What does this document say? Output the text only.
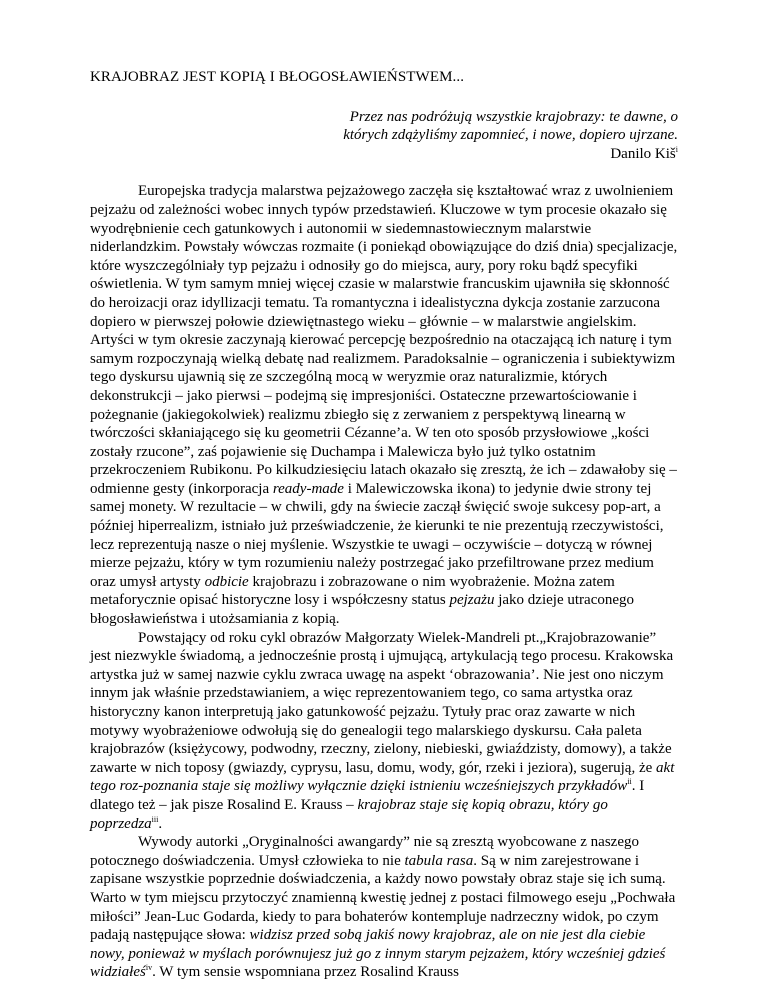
KRAJOBRAZ JEST KOPIĄ I BŁOGOSŁAWIEŃSTWEM...
Przez nas podróżują wszystkie krajobrazy: te dawne, o
których zdążyliśmy zapomnieć, i nowe, dopiero ujrzane.
Danilo Kiš$^i$

Europejska tradycja malarstwa pejzażowego zaczęła się kształtować wraz z uwolnieniem pejzażu od zależności wobec innych typów przedstawień. Kluczowe w tym procesie okazało się wyodrębnienie cech gatunkowych i autonomii w siedemnastowiecznym malarstwie niderlandzkim. Powstały wówczas rozmaite (i poniekąd obowiązujące do dziś dnia) specjalizacje, które wyszczególniały typ pejzażu i odnosiły go do miejsca, aury, pory roku bądź specyfiki oświetlenia. W tym samym mniej więcej czasie w malarstwie francuskim ujawniła się skłonność do heroizacji oraz idyllizacji tematu. Ta romantyczna i idealistyczna dykcja zostanie zarzucona dopiero w pierwszej połowie dziewiętnastego wieku – głównie – w malarstwie angielskim. Artyści w tym okresie zaczynają kierować percepcję bezpośrednio na otaczającą ich naturę i tym samym rozpoczynają wielką debatę nad realizmem. Paradoksalnie – ograniczenia i subiektywizm tego dyskursu ujawnią się ze szczególną mocą w weryzmie oraz naturalizmie, których dekonstrukcji – jako pierwsi – podejmą się impresjoniści. Ostateczne przewartościowanie i pożegnanie (jakiegokolwiek) realizmu zbiegło się z zerwaniem z perspektywą linearną w twórczości skłaniającego się ku geometrii Cézanne’a. W ten oto sposób przysłowiowe „kości zostały rzucone”, zaś pojawienie się Duchampa i Malewicza było już tylko ostatnim przekroczeniem Rubikonu. Po kilkudziesięciu latach okazało się zresztą, że ich – zdawałoby się – odmienne gesty (inkorporacja ready-made i Malewiczowska ikona) to jedynie dwie strony tej samej monety. W rezultacie – w chwili, gdy na świecie zaczął święcić swoje sukcesy pop-art, a później hiperrealizm, istniało już przeświadczenie, że kierunki te nie prezentują rzeczywistości, lecz reprezentują nasze o niej myślenie. Wszystkie te uwagi – oczywiście – dotyczą w równej mierze pejzażu, który w tym rozumieniu należy postrzegać jako przefiltrowane przez medium oraz umysł artysty odbicie krajobrazu i zobrazowane o nim wyobrażenie. Można zatem metaforycznie opisać historyczne losy i współczesny status pejzażu jako dzieje utraconego błogosławieństwa i utożsamiania z kopią.

Powstający od roku cykl obrazów Małgorzaty Wielek-Mandreli pt.„Krajobrazowanie” jest niezwykle świadomą, a jednocześnie prostą i ujmującą, artykulacją tego procesu. Krakowska artystka już w samej nazwie cyklu zwraca uwagę na aspekt ‘obrazowania’. Nie jest ono niczym innym jak właśnie przedstawianiem, a więc reprezentowaniem tego, co sama artystka oraz historyczny kanon interpretują jako gatunkowość pejzażu. Tytuły prac oraz zawarte w nich motywy wyobrażeniowe odwołują się do genealogii tego malarskiego dyskursu. Cała paleta krajobrazów (księżycowy, podwodny, rzeczny, zielony, niebieski, gwiaździsty, domowy), a także zawarte w nich toposy (gwiazdy, cyprysu, lasu, domu, wody, gór, rzeki i jeziora), sugerują, że akt tego roz-poznania staje się możliwy wyłącznie dzięki istnieniu wcześniejszych przykładów$^{ii}$. I dlatego też – jak pisze Rosalind E. Krauss – krajobraz staje się kopią obrazu, który go poprzedza$^{iii}$.

Wywody autorki „Oryginalności awangardy” nie są zresztą wyobcowane z naszego potocznego doświadczenia. Umysł człowieka to nie tabula rasa. Są w nim zarejestrowane i zapisane wszystkie poprzednie doświadczenia, a każdy nowo powstały obraz staje się ich sumą. Warto w tym miejscu przytoczyć znamienną kwestię jednej z postaci filmowego eseju „Pochwała miłości” Jean-Luc Godarda, kiedy to para bohaterów kontempluje nadrzeczny widok, po czym padają następujące słowa: widzisz przed sobą jakiś nowy krajobraz, ale on nie jest dla ciebie nowy, ponieważ w myślach porównujesz już go z innym starym pejzażem, który wcześniej gdzieś widziałeś$^{iv}$. W tym sensie wspomniana przez Rosalind Krauss
